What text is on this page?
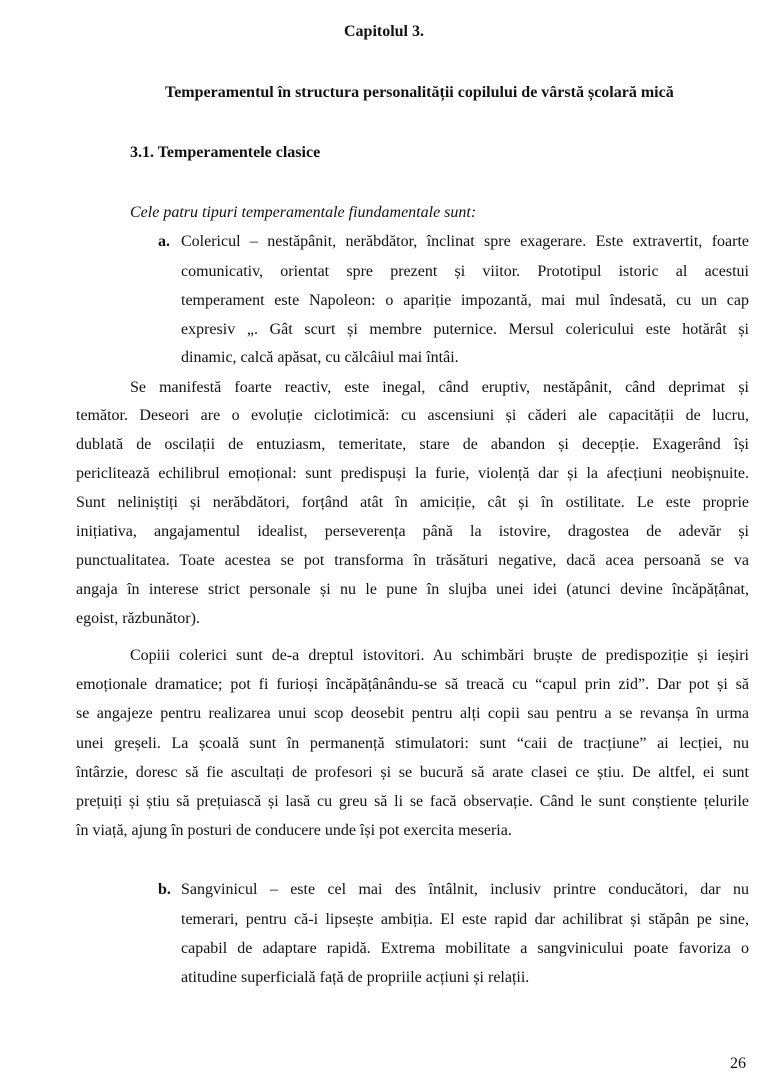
Capitolul 3.
Temperamentul în structura personalității copilului de vârstă școlară mică
3.1. Temperamentele clasice
Cele patru tipuri temperamentale fiundamentale sunt:
a. Colericul – nestăpânit, nerăbdător, înclinat spre exagerare. Este extravertit, foarte
comunicativ, orientat spre prezent și viitor. Prototipul istoric al acestui
temperament este Napoleon: o apariție impozantă, mai mul îndesată, cu un cap
expresiv „. Gât scurt și membre puternice. Mersul colericului este hotărât și
dinamic, calcă apăsat, cu călcâiul mai întâi.
Se manifestă foarte reactiv, este inegal, când eruptiv, nestăpânit, când deprimat și
temător. Deseori are o evoluție ciclotimică: cu ascensiuni și căderi ale capacității de lucru,
dublată de oscilații de entuziasm, temeritate, stare de abandon și decepție. Exagerând își
periclitează echilibrul emoțional: sunt predispuși la furie, violență dar și la afecțiuni neobișnuite.
Sunt neliniștiți și nerăbdători, forțând atât în amiciție, cât și în ostilitate. Le este proprie
inițiativa, angajamentul idealist, perseverența până la istovire, dragostea de adevăr și
punctualitatea. Toate acestea se pot transforma în trăsături negative, dacă acea persoană se va
angaja în interese strict personale și nu le pune în slujba unei idei (atunci devine încăpățânat,
egoist, răzbunător).
Copiii colerici sunt de-a dreptul istovitori. Au schimbări bruște de predispoziție și ieșiri
emoționale dramatice; pot fi furioși încăpățânându-se să treacă cu “capul prin zid”. Dar pot și să
se angajeze pentru realizarea unui scop deosebit pentru alți copii sau pentru a se revanșa în urma
unei greșeli. La școală sunt în permanență stimulatori: sunt “caii de tracțiune” ai lecției, nu
întârzie, doresc să fie ascultați de profesori și se bucură să arate clasei ce știu. De altfel, ei sunt
prețuiți și știu să prețuiască și lasă cu greu să li se facă observație. Când le sunt conștiente țelurile
în viață, ajung în posturi de conducere unde își pot exercita meseria.
b. Sangvinicul – este cel mai des întâlnit, inclusiv printre conducători, dar nu
temerari, pentru că-i lipsește ambiția. El este rapid dar achilibrat și stăpân pe sine,
capabil de adaptare rapidă. Extrema mobilitate a sangvinicului poate favoriza o
atitudine superficială față de propriile acțiuni și relații.
26
